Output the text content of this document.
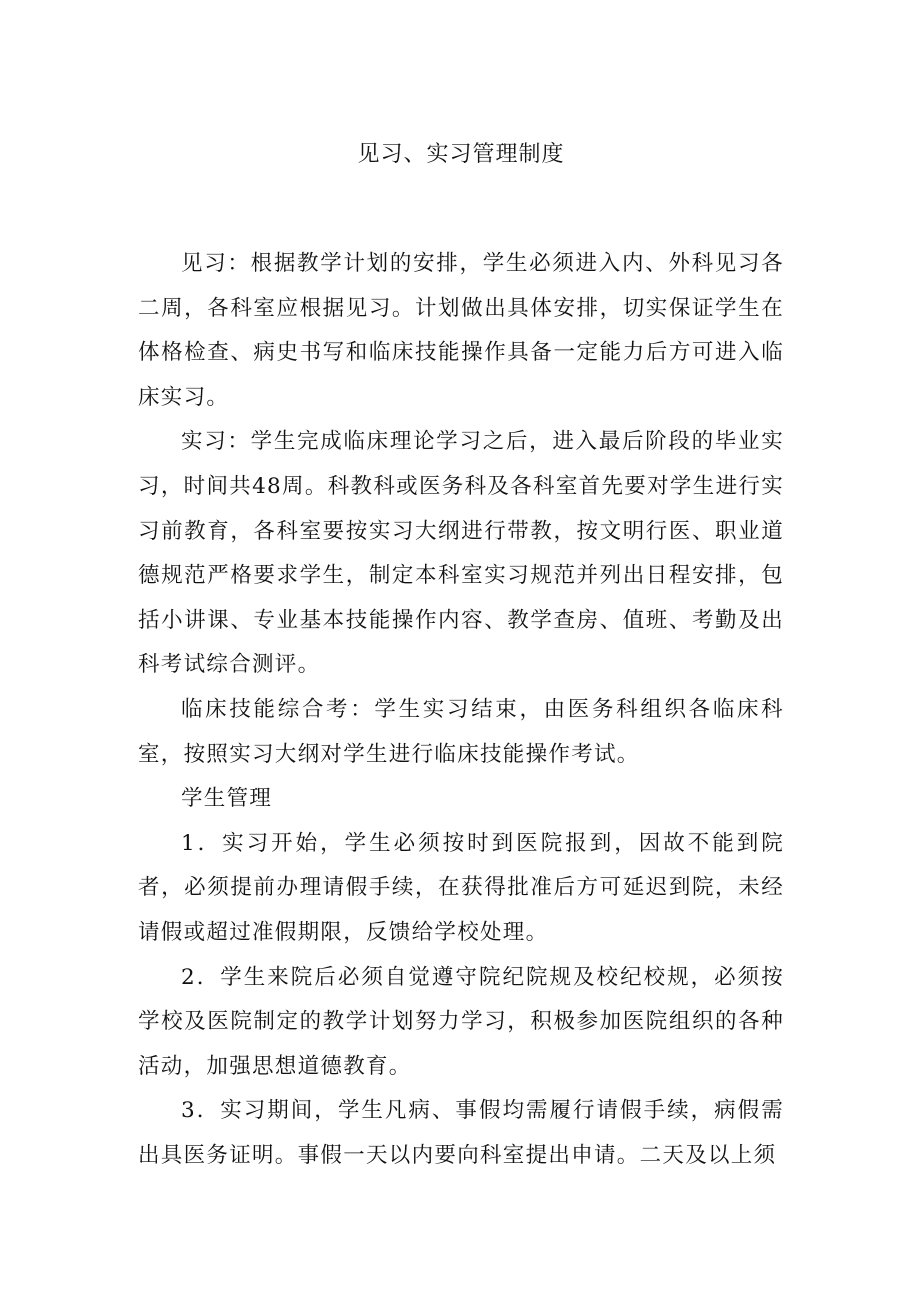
见习、实习管理制度

见习：根据教学计划的安排，学生必须进入内、外科见习各二周，各科室应根据见习。计划做出具体安排，切实保证学生在体格检查、病史书写和临床技能操作具备一定能力后方可进入临床实习。

实习：学生完成临床理论学习之后，进入最后阶段的毕业实习，时间共48周。科教科或医务科及各科室首先要对学生进行实习前教育，各科室要按实习大纲进行带教，按文明行医、职业道德规范严格要求学生，制定本科室实习规范并列出日程安排，包括小讲课、专业基本技能操作内容、教学查房、值班、考勤及出科考试综合测评。

临床技能综合考：学生实习结束，由医务科组织各临床科室，按照实习大纲对学生进行临床技能操作考试。

学生管理

1．实习开始，学生必须按时到医院报到，因故不能到院者，必须提前办理请假手续，在获得批准后方可延迟到院，未经请假或超过准假期限，反馈给学校处理。

2．学生来院后必须自觉遵守院纪院规及校纪校规，必须按学校及医院制定的教学计划努力学习，积极参加医院组织的各种活动，加强思想道德教育。

3．实习期间，学生凡病、事假均需履行请假手续，病假需出具医务证明。事假一天以内要向科室提出申请。二天及以上须
